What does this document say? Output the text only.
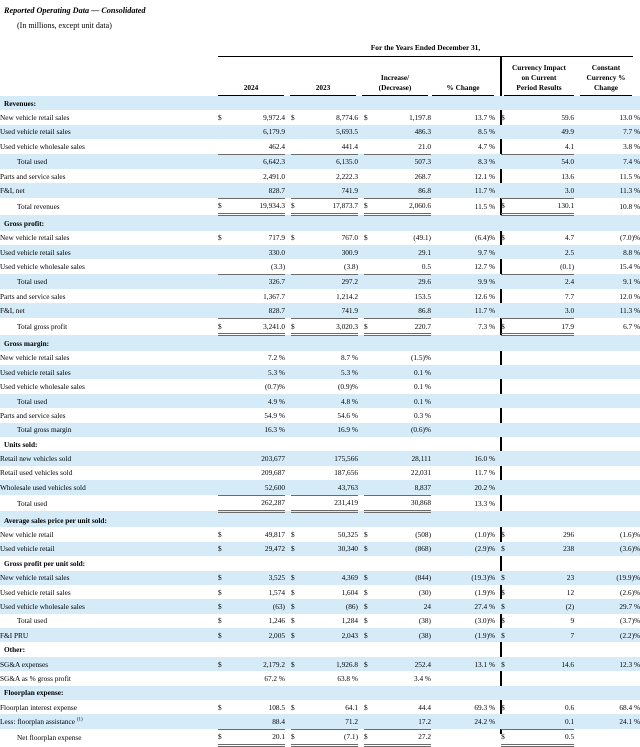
Reported Operating Data — Consolidated
(In millions, except unit data)
For the Years Ended December 31,
2024	2023
Increase/
(Decrease)	% Change
Currency Impact
on Current
Period Results
Constant
Currency %
Change
Revenues:													
New vehicle retail sales	$	9,972.4		$	8,774.6		$	1,197.8	13.7 %		$	59.6	13.0 %
Used vehicle retail sales		6,179.9			5,693.5			486.3	8.5 %			49.9	7.7 %
Used vehicle wholesale sales		462.4			441.4			21.0	4.7 %			4.1	3.8 %
Total used		6,642.3			6,135.0			507.3	8.3 %			54.0	7.4 %
Parts and service sales		2,491.0			2,222.3			268.7	12.1 %			13.6	11.5 %
F&I, net		828.7			741.9			86.8	11.7 %			3.0	11.3 %
Total revenues	$	19,934.3		$	17,873.7		$	2,060.6	11.5 %		$	130.1	10.8 %
Gross profit:													
New vehicle retail sales	$	717.9		$	767.0		$	(49.1)	(6.4)%		$	4.7	(7.0)%
Used vehicle retail sales		330.0			300.9			29.1	9.7 %			2.5	8.8 %
Used vehicle wholesale sales		(3.3)			(3.8)			0.5	12.7 %			(0.1)	15.4 %
Total used		326.7			297.2			29.6	9.9 %			2.4	9.1 %
Parts and service sales		1,367.7			1,214.2			153.5	12.6 %			7.7	12.0 %
F&I, net		828.7			741.9			86.8	11.7 %			3.0	11.3 %
Total gross profit	$	3,241.0		$	3,020.3		$	220.7	7.3 %		$	17.9	6.7 %
Gross margin:													
New vehicle retail sales		7.2 %			8.7 %			(1.5)%					
Used vehicle retail sales		5.3 %			5.3 %			0.1 %					
Used vehicle wholesale sales		(0.7)%			(0.9)%			0.1 %					
Total used		4.9 %			4.8 %			0.1 %					
Parts and service sales		54.9 %			54.6 %			0.3 %					
Total gross margin		16.3 %			16.9 %			(0.6)%					
Units sold:													
Retail new vehicles sold		203,677			175,566			28,111	16.0 %				
Retail used vehicles sold		209,687			187,656			22,031	11.7 %				
Wholesale used vehicles sold		52,600			43,763			8,837	20.2 %				
Total used		262,287			231,419			30,868	13.3 %				
Average sales price per unit sold:													
New vehicle retail	$	49,817		$	50,325		$	(508)	(1.0)%		$	296	(1.6)%
Used vehicle retail	$	29,472		$	30,340		$	(868)	(2.9)%		$	238	(3.6)%
Gross profit per unit sold:													
New vehicle retail sales	$	3,525		$	4,369		$	(844)	(19.3)%		$	23	(19.9)%
Used vehicle retail sales	$	1,574		$	1,604		$	(30)	(1.9)%		$	12	(2.6)%
Used vehicle wholesale sales	$	(63)		$	(86)		$	24	27.4 %		$	(2)	29.7 %
Total used	$	1,246		$	1,284		$	(38)	(3.0)%		$	9	(3.7)%
F&I PRU	$	2,005		$	2,043		$	(38)	(1.9)%		$	7	(2.2)%
Other:													
SG&A expenses	$	2,179.2		$	1,926.8		$	252.4	13.1 %		$	14.6	12.3 %
SG&A as % gross profit		67.2 %			63.8 %			3.4 %					
Floorplan expense:													
Floorplan interest expense	$	108.5		$	64.1		$	44.4	69.3 %		$	0.6	68.4 %
Less: floorplan assistance $^{(1)}$		88.4			71.2			17.2	24.2 %			0.1	24.1 %
Net floorplan expense	$	20.1		$	(7.1)		$	27.2			$	0.5	
